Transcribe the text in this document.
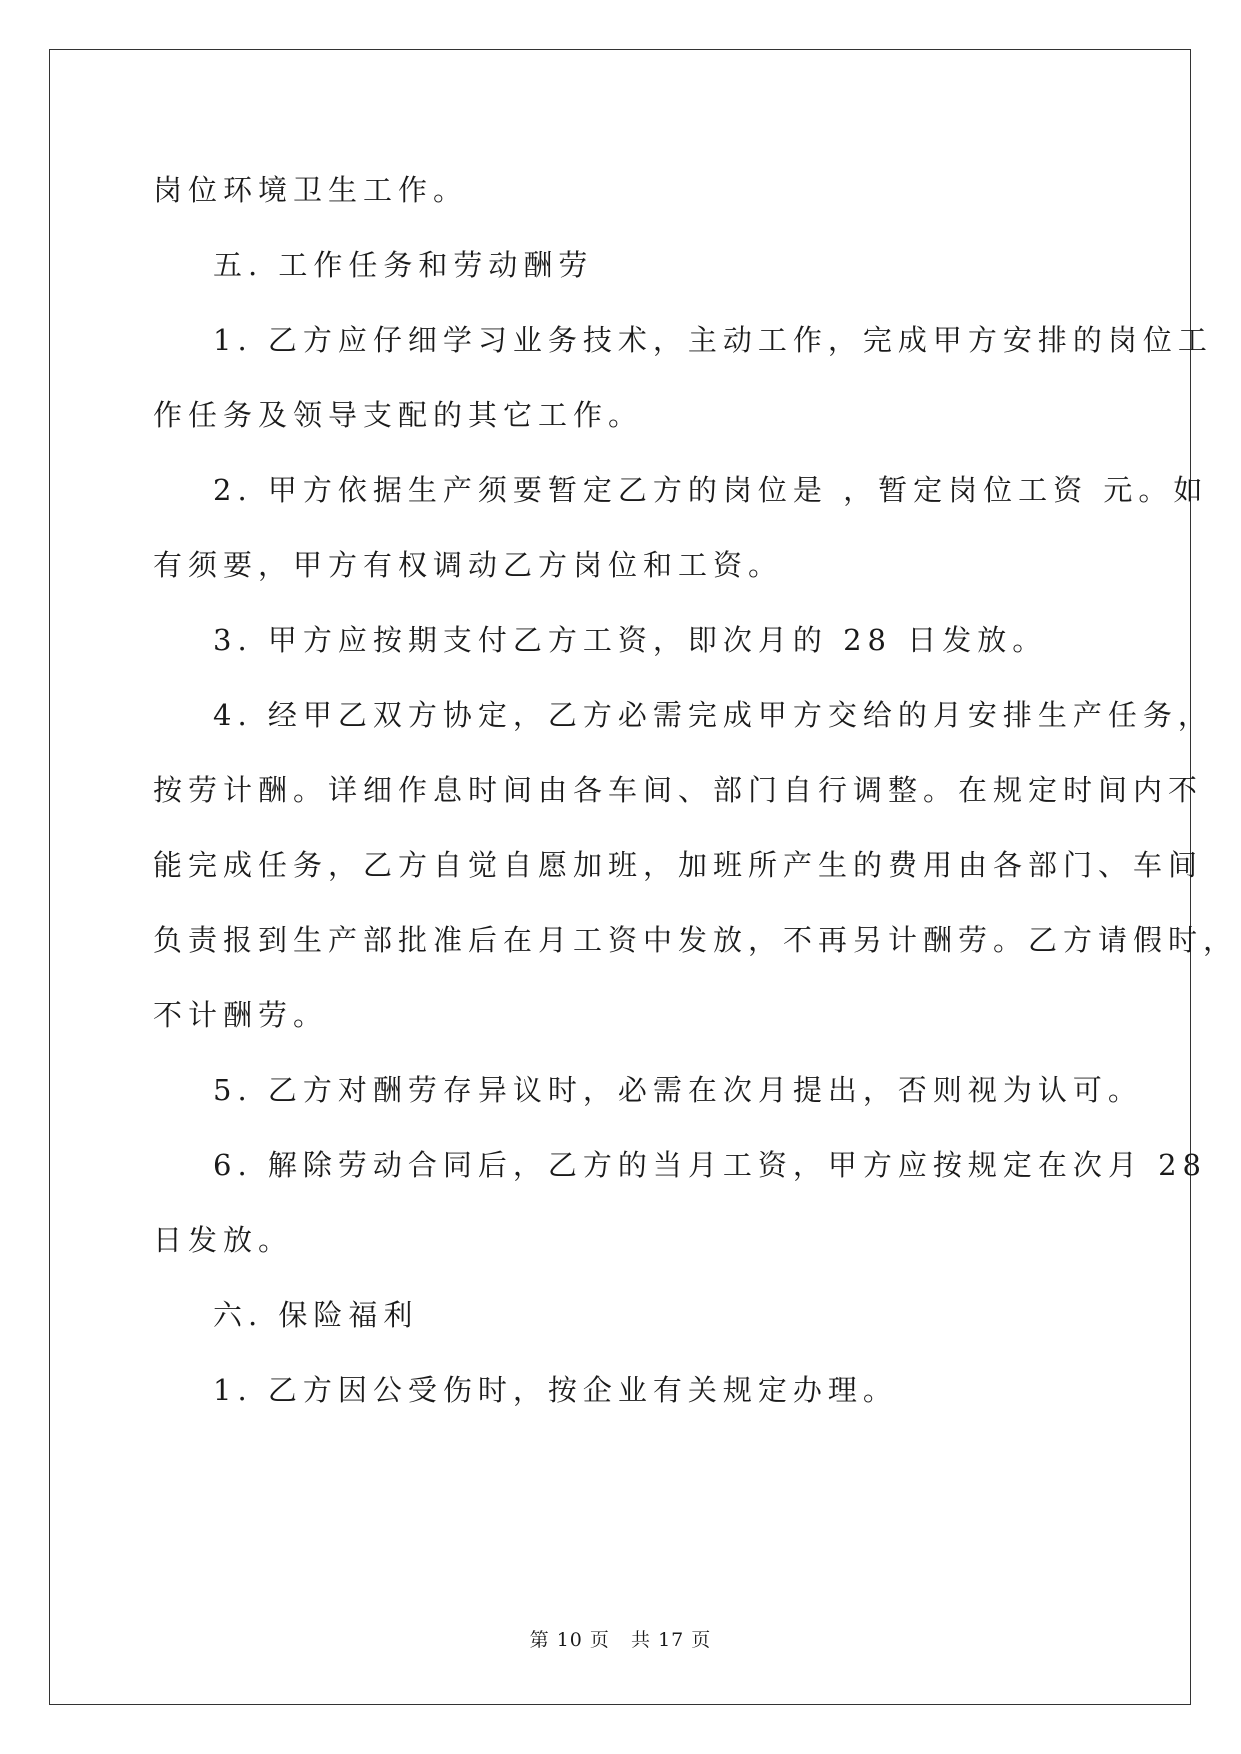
岗位环境卫生工作。
五. 工作任务和劳动酬劳
1. 乙方应仔细学习业务技术，主动工作，完成甲方安排的岗位工
作任务及领导支配的其它工作。
2. 甲方依据生产须要暂定乙方的岗位是 ，暂定岗位工资 元。如
有须要，甲方有权调动乙方岗位和工资。
3. 甲方应按期支付乙方工资，即次月的 28 日发放。
4. 经甲乙双方协定，乙方必需完成甲方交给的月安排生产任务，
按劳计酬。详细作息时间由各车间、部门自行调整。在规定时间内不
能完成任务，乙方自觉自愿加班，加班所产生的费用由各部门、车间
负责报到生产部批准后在月工资中发放，不再另计酬劳。乙方请假时，
不计酬劳。
5. 乙方对酬劳存异议时，必需在次月提出，否则视为认可。
6. 解除劳动合同后，乙方的当月工资，甲方应按规定在次月 28
日发放。
六. 保险福利
1. 乙方因公受伤时，按企业有关规定办理。
第 10 页   共 17 页
